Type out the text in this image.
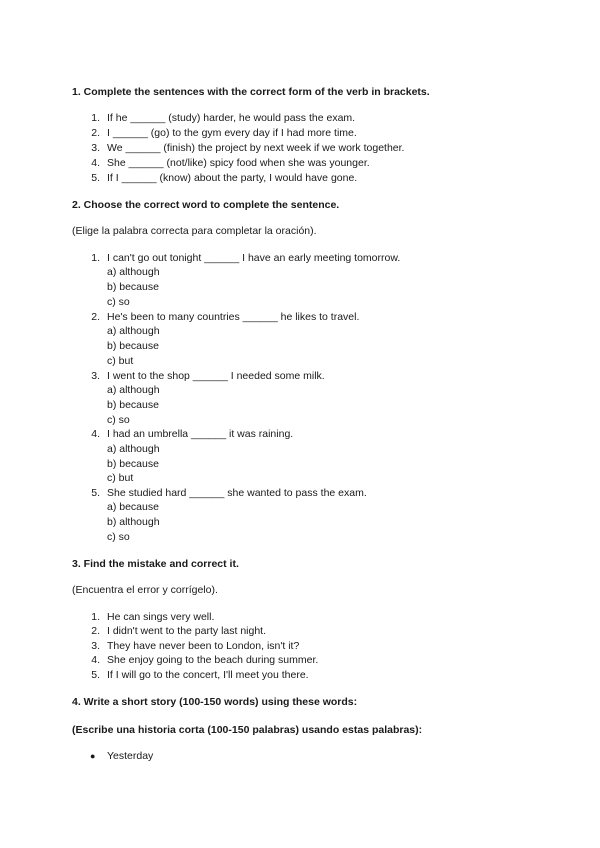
1. Complete the sentences with the correct form of the verb in brackets.
1. If he ______ (study) harder, he would pass the exam.
2. I ______ (go) to the gym every day if I had more time.
3. We ______ (finish) the project by next week if we work together.
4. She ______ (not/like) spicy food when she was younger.
5. If I ______ (know) about the party, I would have gone.
2. Choose the correct word to complete the sentence.
(Elige la palabra correcta para completar la oración).
1. I can't go out tonight ______ I have an early meeting tomorrow.
a) although
b) because
c) so
2. He's been to many countries ______ he likes to travel.
a) although
b) because
c) but
3. I went to the shop ______ I needed some milk.
a) although
b) because
c) so
4. I had an umbrella ______ it was raining.
a) although
b) because
c) but
5. She studied hard ______ she wanted to pass the exam.
a) because
b) although
c) so
3. Find the mistake and correct it.
(Encuentra el error y corrígelo).
1. He can sings very well.
2. I didn't went to the party last night.
3. They have never been to London, isn't it?
4. She enjoy going to the beach during summer.
5. If I will go to the concert, I'll meet you there.
4. Write a short story (100-150 words) using these words:
(Escribe una historia corta (100-150 palabras) usando estas palabras):
● Yesterday
